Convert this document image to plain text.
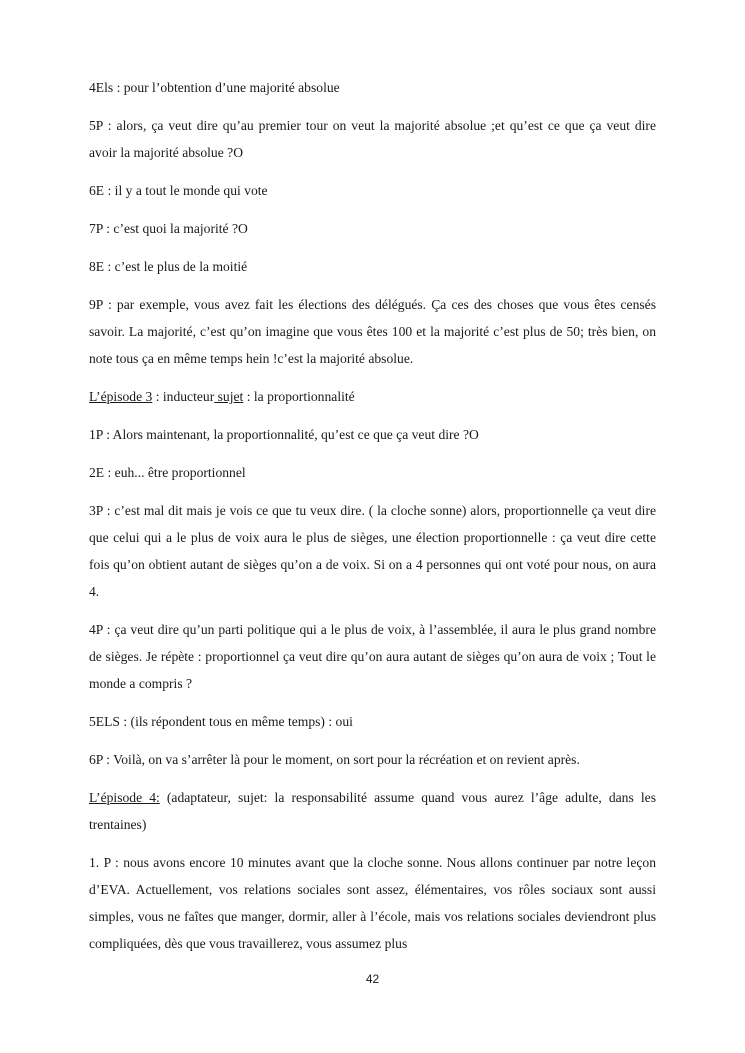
4Els : pour l’obtention d’une majorité absolue

5P : alors, ça veut dire qu’au premier tour on veut la majorité absolue ;et qu’est ce que ça veut dire avoir la majorité absolue ?O

6E : il y a tout le monde qui vote

7P : c’est quoi la majorité ?O

8E : c’est le plus de la moitié

9P : par exemple, vous avez fait les élections des délégués. Ça ces des choses que vous êtes censés savoir. La majorité, c’est qu’on imagine que vous êtes 100 et la majorité c’est plus de 50; très bien, on note tous ça en même temps hein !c’est la majorité absolue.

L’épisode 3 : inducteur sujet : la proportionnalité

1P : Alors maintenant, la proportionnalité, qu’est ce que ça veut dire ?O

2E : euh... être proportionnel

3P : c’est mal dit mais je vois ce que tu veux dire. ( la cloche sonne) alors, proportionnelle ça veut dire que celui qui a le plus de voix aura le plus de sièges, une élection proportionnelle : ça veut dire cette fois qu’on obtient autant de sièges qu’on a de voix. Si on a 4 personnes qui ont voté pour nous, on aura 4.

4P : ça veut dire qu’un parti politique qui a le plus de voix, à l’assemblée, il aura le plus grand nombre de sièges. Je répète : proportionnel ça veut dire qu’on aura autant de sièges qu’on aura de voix ; Tout le monde a compris ?

5ELS : (ils répondent tous en même temps) : oui

6P : Voilà, on va s’arrêter là pour le moment, on sort pour la récréation et on revient après.

L’épisode 4: (adaptateur, sujet: la responsabilité assume quand vous aurez l’âge adulte, dans les trentaines)

1. P : nous avons encore 10 minutes avant que la cloche sonne. Nous allons continuer par notre leçon d’EVA. Actuellement, vos relations sociales sont assez, élémentaires, vos rôles sociaux sont aussi simples, vous ne faîtes que manger, dormir, aller à l’école, mais vos relations sociales deviendront plus compliquées, dès que vous travaillerez, vous assumez plus

42
